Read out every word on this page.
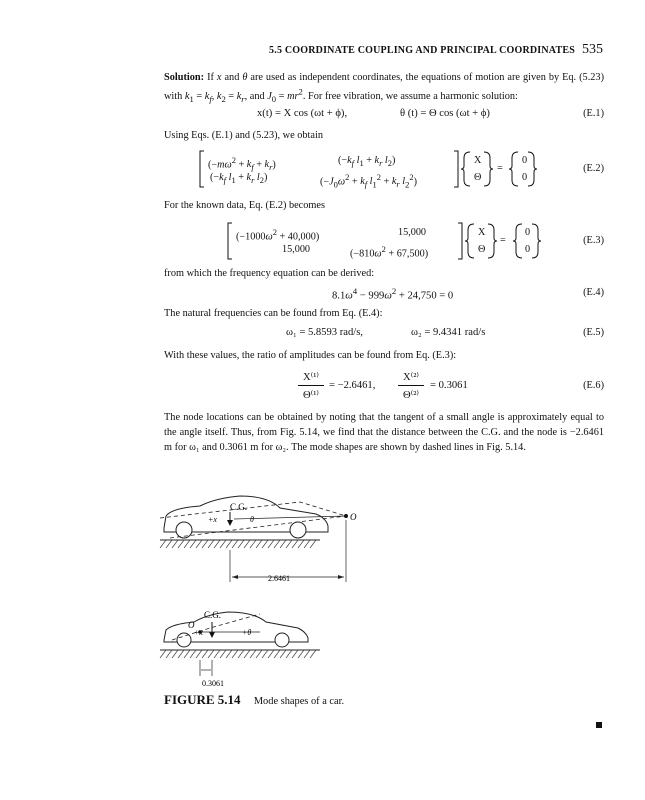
5.5 COORDINATE COUPLING AND PRINCIPAL COORDINATES 535
Solution: If x and θ are used as independent coordinates, the equations of motion are given by Eq. (5.23) with $k_1 = k_f$, $k_2 = k_r$, and $J_0 = mr^2$. For free vibration, we assume a harmonic solution:
x(t) = X cos (ωt + ϕ),	θ (t) = Θ cos (ωt + ϕ)	(E.1)
Using Eqs. (E.1) and (5.23), we obtain
$(-m\omega^2 + k_f + k_r)$	($-k_f$ $l_1 + k_r$ $l_2$)
($-k_f$ $l_1 + k_r$ $l_2$)	($-J_0\omega^2 + k_f$ $l_1^2 + k_r$ $l_2^2$)
X
Θ
=
0
0
(E.2)
For the known data, Eq. (E.2) becomes
$(-1000\omega^2 + 40,000)$	15,000
15,000	$(-810\omega^2 + 67,500)$
X
Θ
=
0
0
(E.3)
from which the frequency equation can be derived:
$8.1\omega^4 - 999\omega^2 + 24,750 = 0$	(E.4)
The natural frequencies can be found from Eq. (E.4):
ω₁ = 5.8593 rad/s,	ω₂ = 9.4341 rad/s	(E.5)
With these values, the ratio of amplitudes can be found from Eq. (E.3):
X⁽¹⁾
Θ⁽¹⁾
= −2.6461,
X⁽²⁾
Θ⁽²⁾
= 0.3061	(E.6)
The node locations can be obtained by noting that the tangent of a small angle is approximately equal to the angle itself. Thus, from Fig. 5.14, we find that the distance between the C.G. and the node is −2.6461 m for ω₁ and 0.3061 m for ω₂. The mode shapes are shown by dashed lines in Fig. 5.14.
C.G.
+x	θ	O
2.6461
C.G.
+x	+θ
O
0.3061
FIGURE 5.14 Mode shapes of a car.
